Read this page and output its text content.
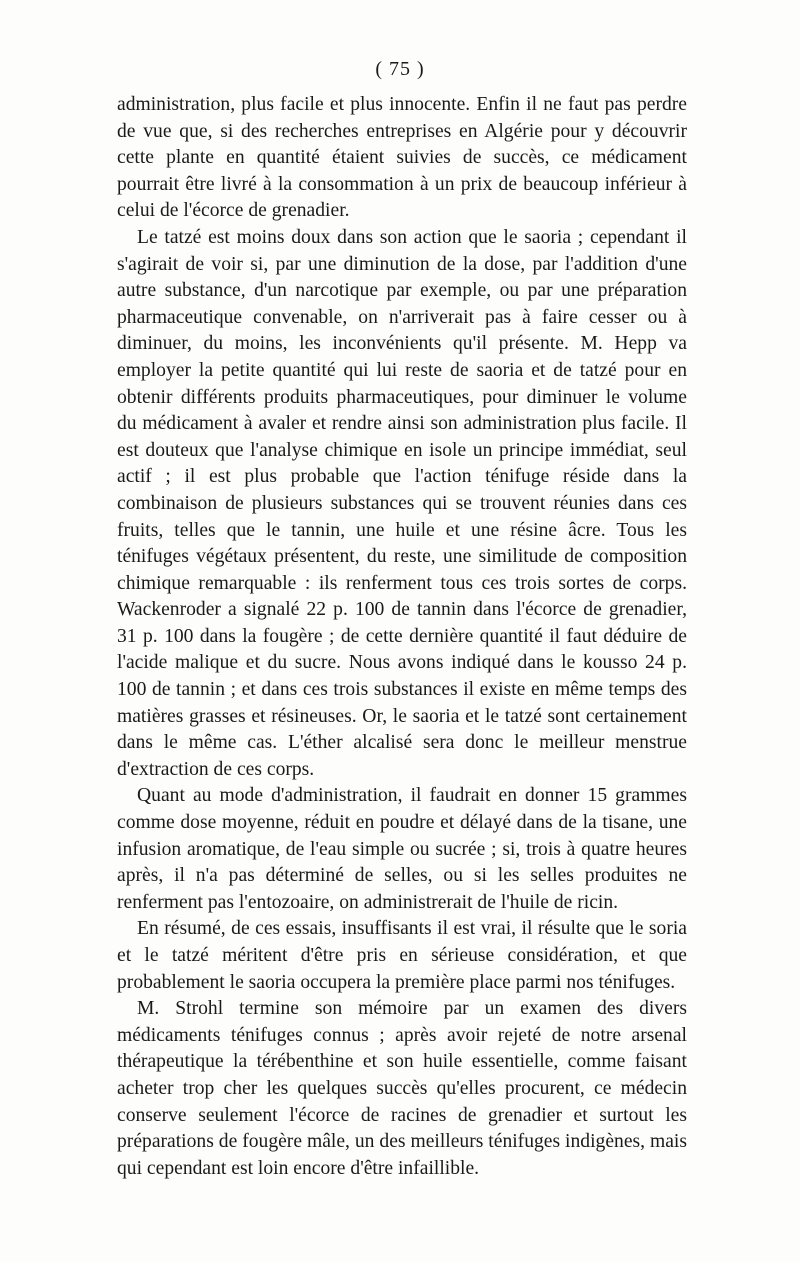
( 75 )

administration, plus facile et plus innocente. Enfin il ne faut pas perdre de vue que, si des recherches entreprises en Algérie pour y découvrir cette plante en quantité étaient suivies de succès, ce médicament pourrait être livré à la consommation à un prix de beaucoup inférieur à celui de l'écorce de grenadier.

Le tatzé est moins doux dans son action que le saoria ; cependant il s'agirait de voir si, par une diminution de la dose, par l'addition d'une autre substance, d'un narcotique par exemple, ou par une préparation pharmaceutique convenable, on n'arriverait pas à faire cesser ou à diminuer, du moins, les inconvénients qu'il présente. M. Hepp va employer la petite quantité qui lui reste de saoria et de tatzé pour en obtenir différents produits pharmaceutiques, pour diminuer le volume du médicament à avaler et rendre ainsi son administration plus facile. Il est douteux que l'analyse chimique en isole un principe immédiat, seul actif ; il est plus probable que l'action ténifuge réside dans la combinaison de plusieurs substances qui se trouvent réunies dans ces fruits, telles que le tannin, une huile et une résine âcre. Tous les ténifuges végétaux présentent, du reste, une similitude de composition chimique remarquable : ils renferment tous ces trois sortes de corps. Wackenroder a signalé 22 p. 100 de tannin dans l'écorce de grenadier, 31 p. 100 dans la fougère ; de cette dernière quantité il faut déduire de l'acide malique et du sucre. Nous avons indiqué dans le kousso 24 p. 100 de tannin ; et dans ces trois substances il existe en même temps des matières grasses et résineuses. Or, le saoria et le tatzé sont certainement dans le même cas. L'éther alcalisé sera donc le meilleur menstrue d'extraction de ces corps.

Quant au mode d'administration, il faudrait en donner 15 grammes comme dose moyenne, réduit en poudre et délayé dans de la tisane, une infusion aromatique, de l'eau simple ou sucrée ; si, trois à quatre heures après, il n'a pas déterminé de selles, ou si les selles produites ne renferment pas l'entozoaire, on administrerait de l'huile de ricin.

En résumé, de ces essais, insuffisants il est vrai, il résulte que le soria et le tatzé méritent d'être pris en sérieuse considération, et que probablement le saoria occupera la première place parmi nos ténifuges.

M. Strohl termine son mémoire par un examen des divers médicaments ténifuges connus ; après avoir rejeté de notre arsenal thérapeutique la térébenthine et son huile essentielle, comme faisant acheter trop cher les quelques succès qu'elles procurent, ce médecin conserve seulement l'écorce de racines de grenadier et surtout les préparations de fougère mâle, un des meilleurs ténifuges indigènes, mais qui cependant est loin encore d'être infaillible.
